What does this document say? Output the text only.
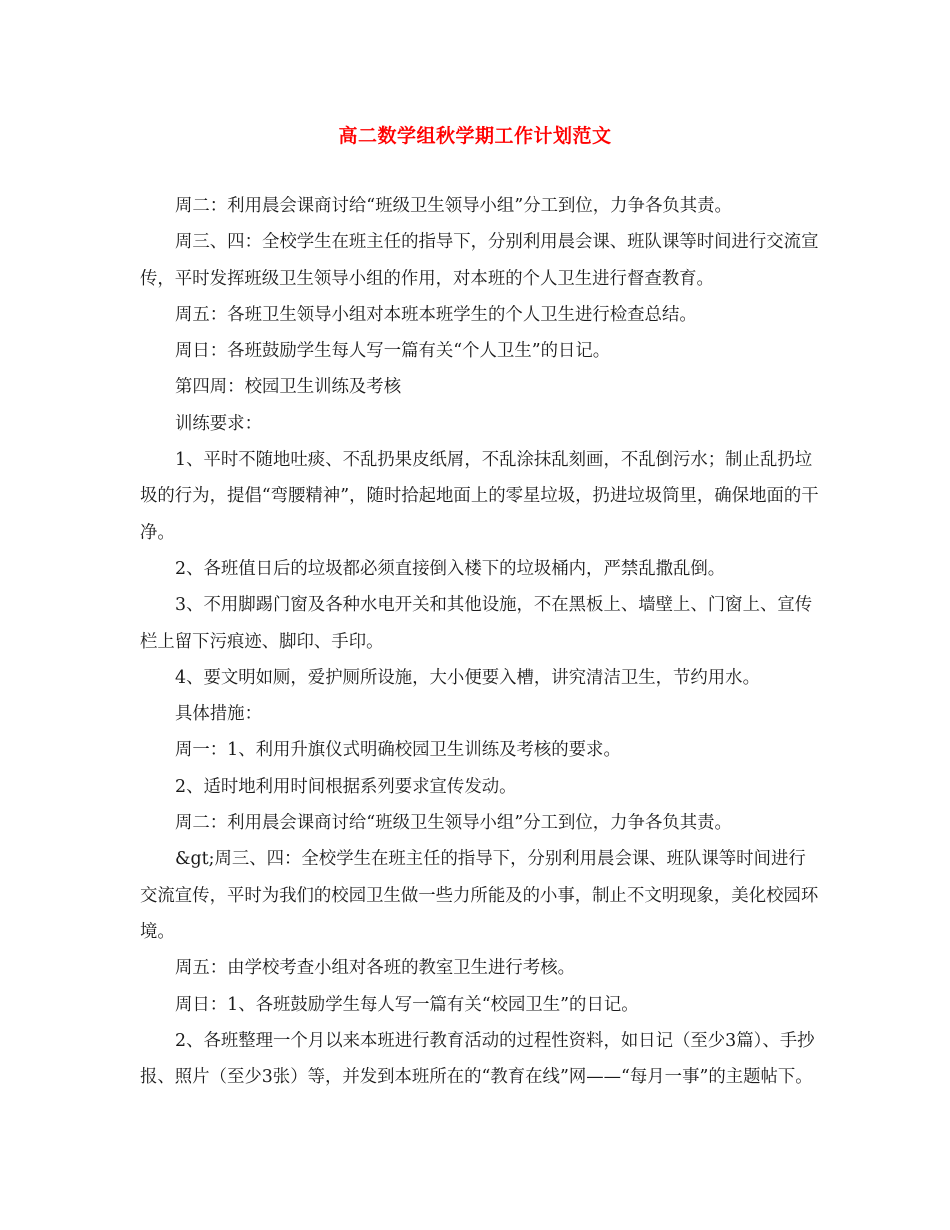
高二数学组秋学期工作计划范文

周二：利用晨会课商讨给“班级卫生领导小组”分工到位，力争各负其责。

周三、四：全校学生在班主任的指导下，分别利用晨会课、班队课等时间进行交流宣传，平时发挥班级卫生领导小组的作用，对本班的个人卫生进行督查教育。

周五：各班卫生领导小组对本班本班学生的个人卫生进行检查总结。

周日：各班鼓励学生每人写一篇有关“个人卫生”的日记。

第四周：校园卫生训练及考核

训练要求：

1、平时不随地吐痰、不乱扔果皮纸屑，不乱涂抹乱刻画，不乱倒污水；制止乱扔垃圾的行为，提倡“弯腰精神”，随时拾起地面上的零星垃圾，扔进垃圾筒里，确保地面的干净。

2、各班值日后的垃圾都必须直接倒入楼下的垃圾桶内，严禁乱撒乱倒。

3、不用脚踢门窗及各种水电开关和其他设施，不在黑板上、墙壁上、门窗上、宣传栏上留下污痕迹、脚印、手印。

4、要文明如厕，爱护厕所设施，大小便要入槽，讲究清洁卫生，节约用水。

具体措施：

周一：1、利用升旗仪式明确校园卫生训练及考核的要求。

2、适时地利用时间根据系列要求宣传发动。

周二：利用晨会课商讨给“班级卫生领导小组”分工到位，力争各负其责。

&gt;周三、四：全校学生在班主任的指导下，分别利用晨会课、班队课等时间进行交流宣传，平时为我们的校园卫生做一些力所能及的小事，制止不文明现象，美化校园环境。

周五：由学校考查小组对各班的教室卫生进行考核。

周日：1、各班鼓励学生每人写一篇有关“校园卫生”的日记。

2、各班整理一个月以来本班进行教育活动的过程性资料，如日记（至少3篇）、手抄报、照片（至少3张）等，并发到本班所在的“教育在线”网——“每月一事”的主题帖下。
